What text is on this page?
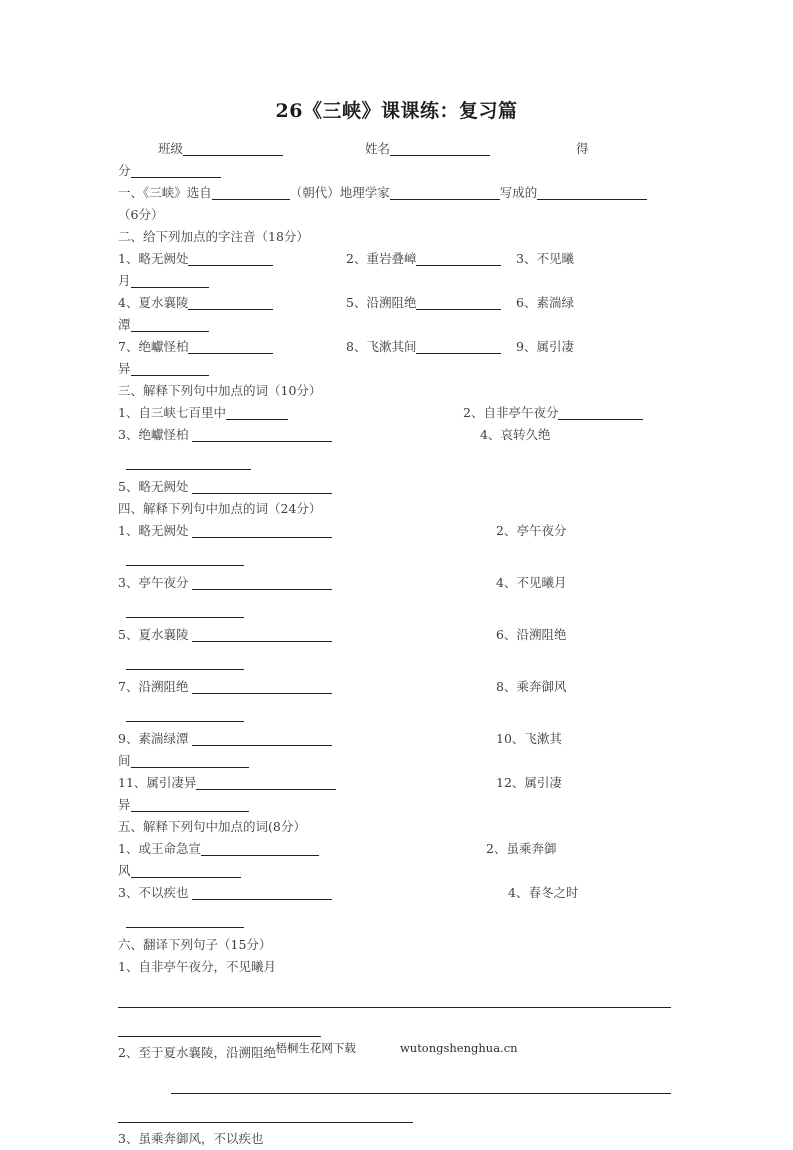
26《三峡》课课练：复习篇
班级	姓名	得
分
一、《三峡》选自	（朝代）地理学家	写成的
（6分）
二、给下列加点的字注音（18分）
1、略无阙处	2、重岩叠嶂	3、不见曦
月
4、夏水襄陵	5、沿溯阻绝	6、素湍绿
潭
7、绝巘怪柏	8、飞漱其间	9、属引凄
异
三、解释下列句中加点的词（10分）
1、自三峡七百里中	2、自非亭午夜分
3、绝巘怪柏	4、哀转久绝
5、略无阙处
四、解释下列句中加点的词（24分）
1、略无阙处	2、亭午夜分
3、亭午夜分	4、不见曦月
5、夏水襄陵	6、沿溯阻绝
7、沿溯阻绝	8、乘奔御风
9、素湍绿潭	10、飞漱其
间
11、属引凄异	12、属引凄
异
五、解释下列句中加点的词(8分）
1、或王命急宣	2、虽乘奔御
风
3、不以疾也	4、春冬之时
六、翻译下列句子（15分）
1、自非亭午夜分，不见曦月
2、至于夏水襄陵，沿溯阻绝
3、虽乘奔御风，不以疾也
梧桐生花网下载	wutongshenghua.cn
